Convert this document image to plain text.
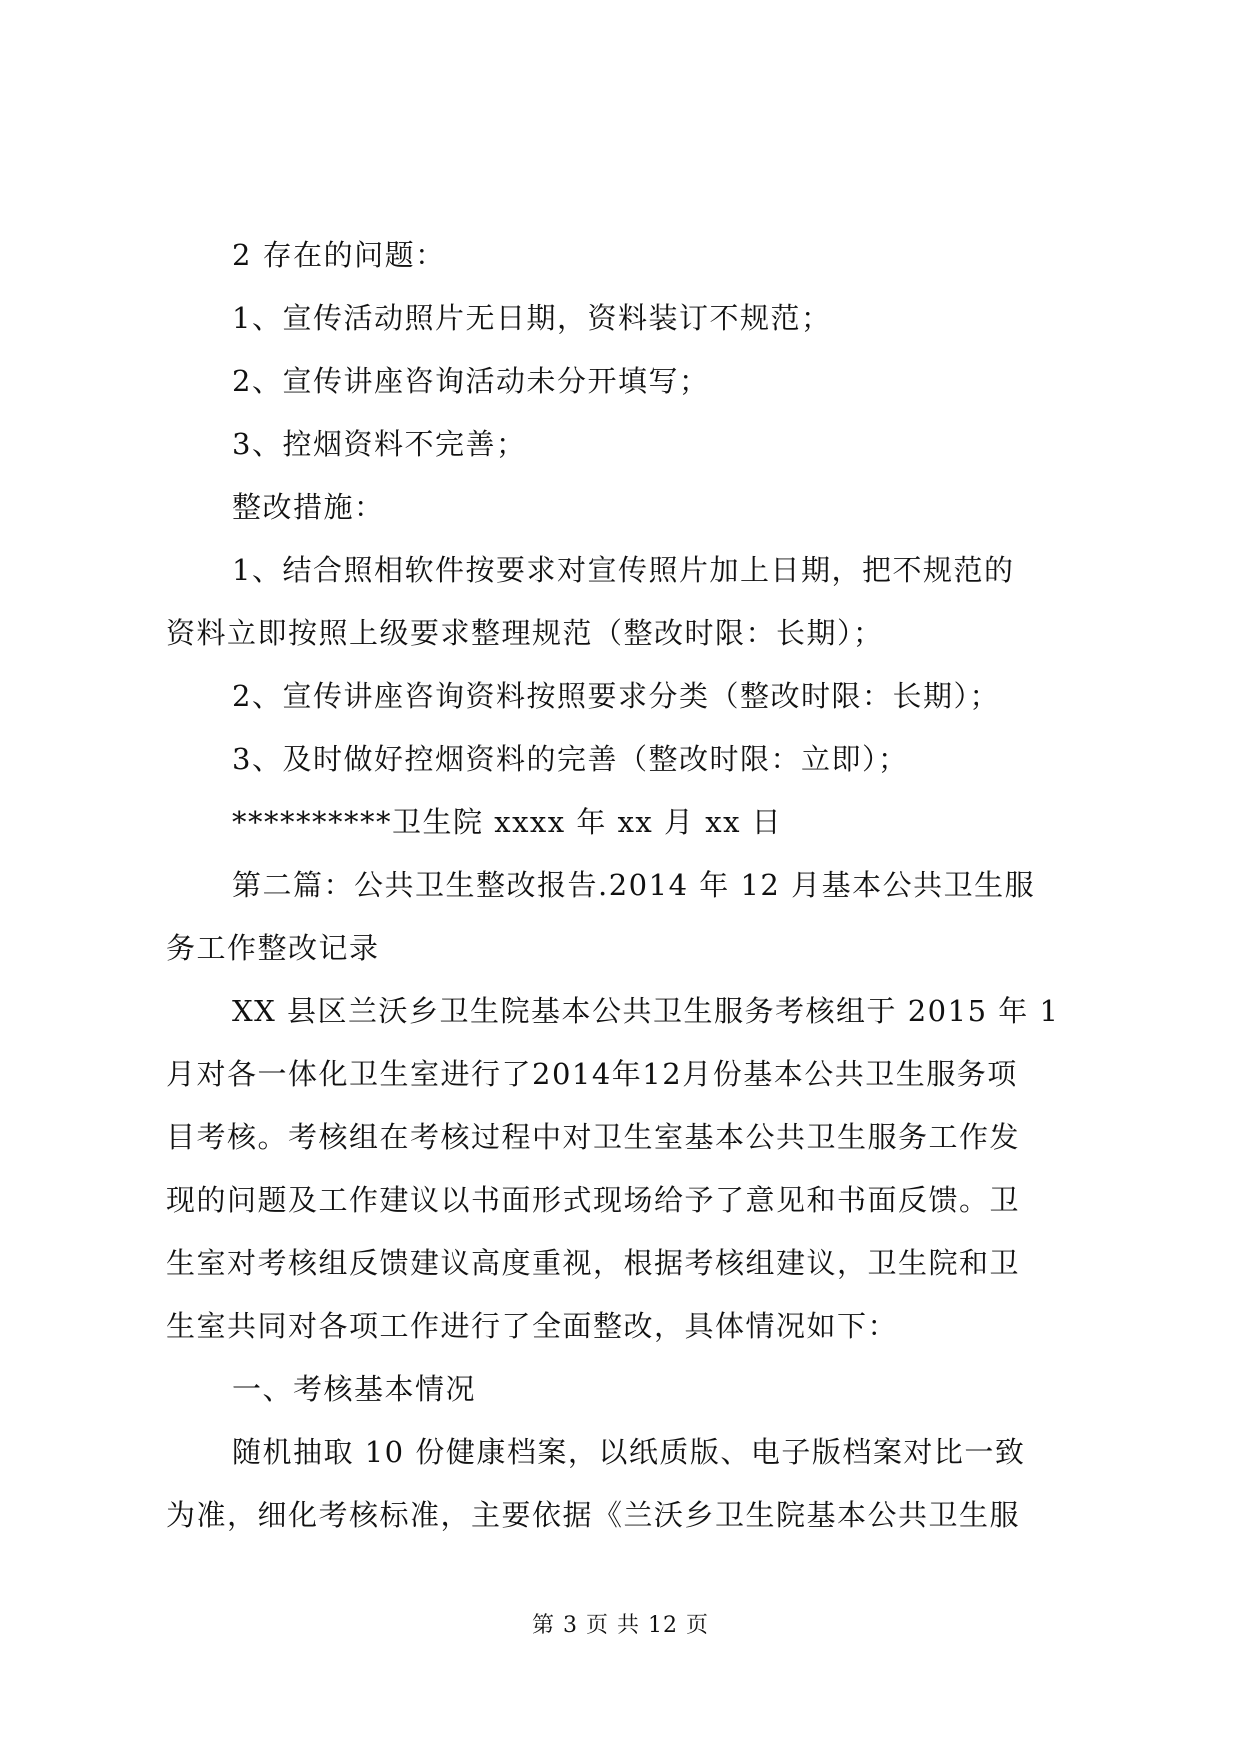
2 存在的问题：
1、宣传活动照片无日期，资料装订不规范；
2、宣传讲座咨询活动未分开填写；
3、控烟资料不完善；
整改措施：
1、结合照相软件按要求对宣传照片加上日期，把不规范的
资料立即按照上级要求整理规范（整改时限：长期）；
2、宣传讲座咨询资料按照要求分类（整改时限：长期）；
3、及时做好控烟资料的完善（整改时限：立即）；
**********卫生院 xxxx 年 xx 月 xx 日
第二篇：公共卫生整改报告.2014 年 12 月基本公共卫生服
务工作整改记录
XX 县区兰沃乡卫生院基本公共卫生服务考核组于 2015 年 1
月对各一体化卫生室进行了2014年12月份基本公共卫生服务项
目考核。考核组在考核过程中对卫生室基本公共卫生服务工作发
现的问题及工作建议以书面形式现场给予了意见和书面反馈。卫
生室对考核组反馈建议高度重视，根据考核组建议，卫生院和卫
生室共同对各项工作进行了全面整改，具体情况如下：
一、考核基本情况
随机抽取 10 份健康档案，以纸质版、电子版档案对比一致
为准，细化考核标准，主要依据《兰沃乡卫生院基本公共卫生服
第 3 页 共 12 页
